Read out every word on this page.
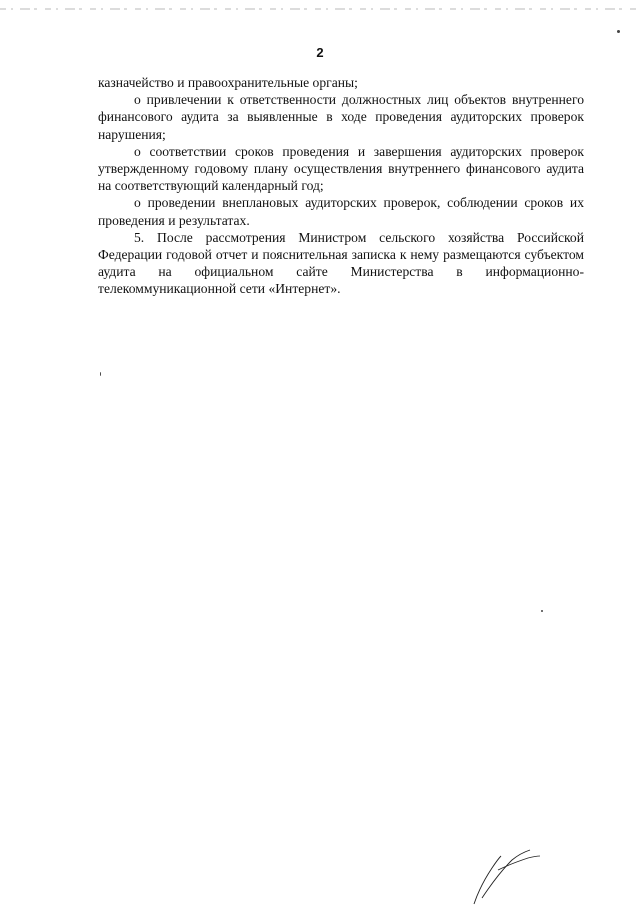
2

казначейство и правоохранительные органы;

о привлечении к ответственности должностных лиц объектов внутреннего финансового аудита за выявленные в ходе проведения аудиторских проверок нарушения;

о соответствии сроков проведения и завершения аудиторских проверок утвержденному годовому плану осуществления внутреннего финансового аудита на соответствующий календарный год;

о проведении внеплановых аудиторских проверок, соблюдении сроков их проведения и результатах.

5. После рассмотрения Министром сельского хозяйства Российской Федерации годовой отчет и пояснительная записка к нему размещаются субъектом аудита на официальном сайте Министерства в информационно-телекоммуникационной сети «Интернет».
